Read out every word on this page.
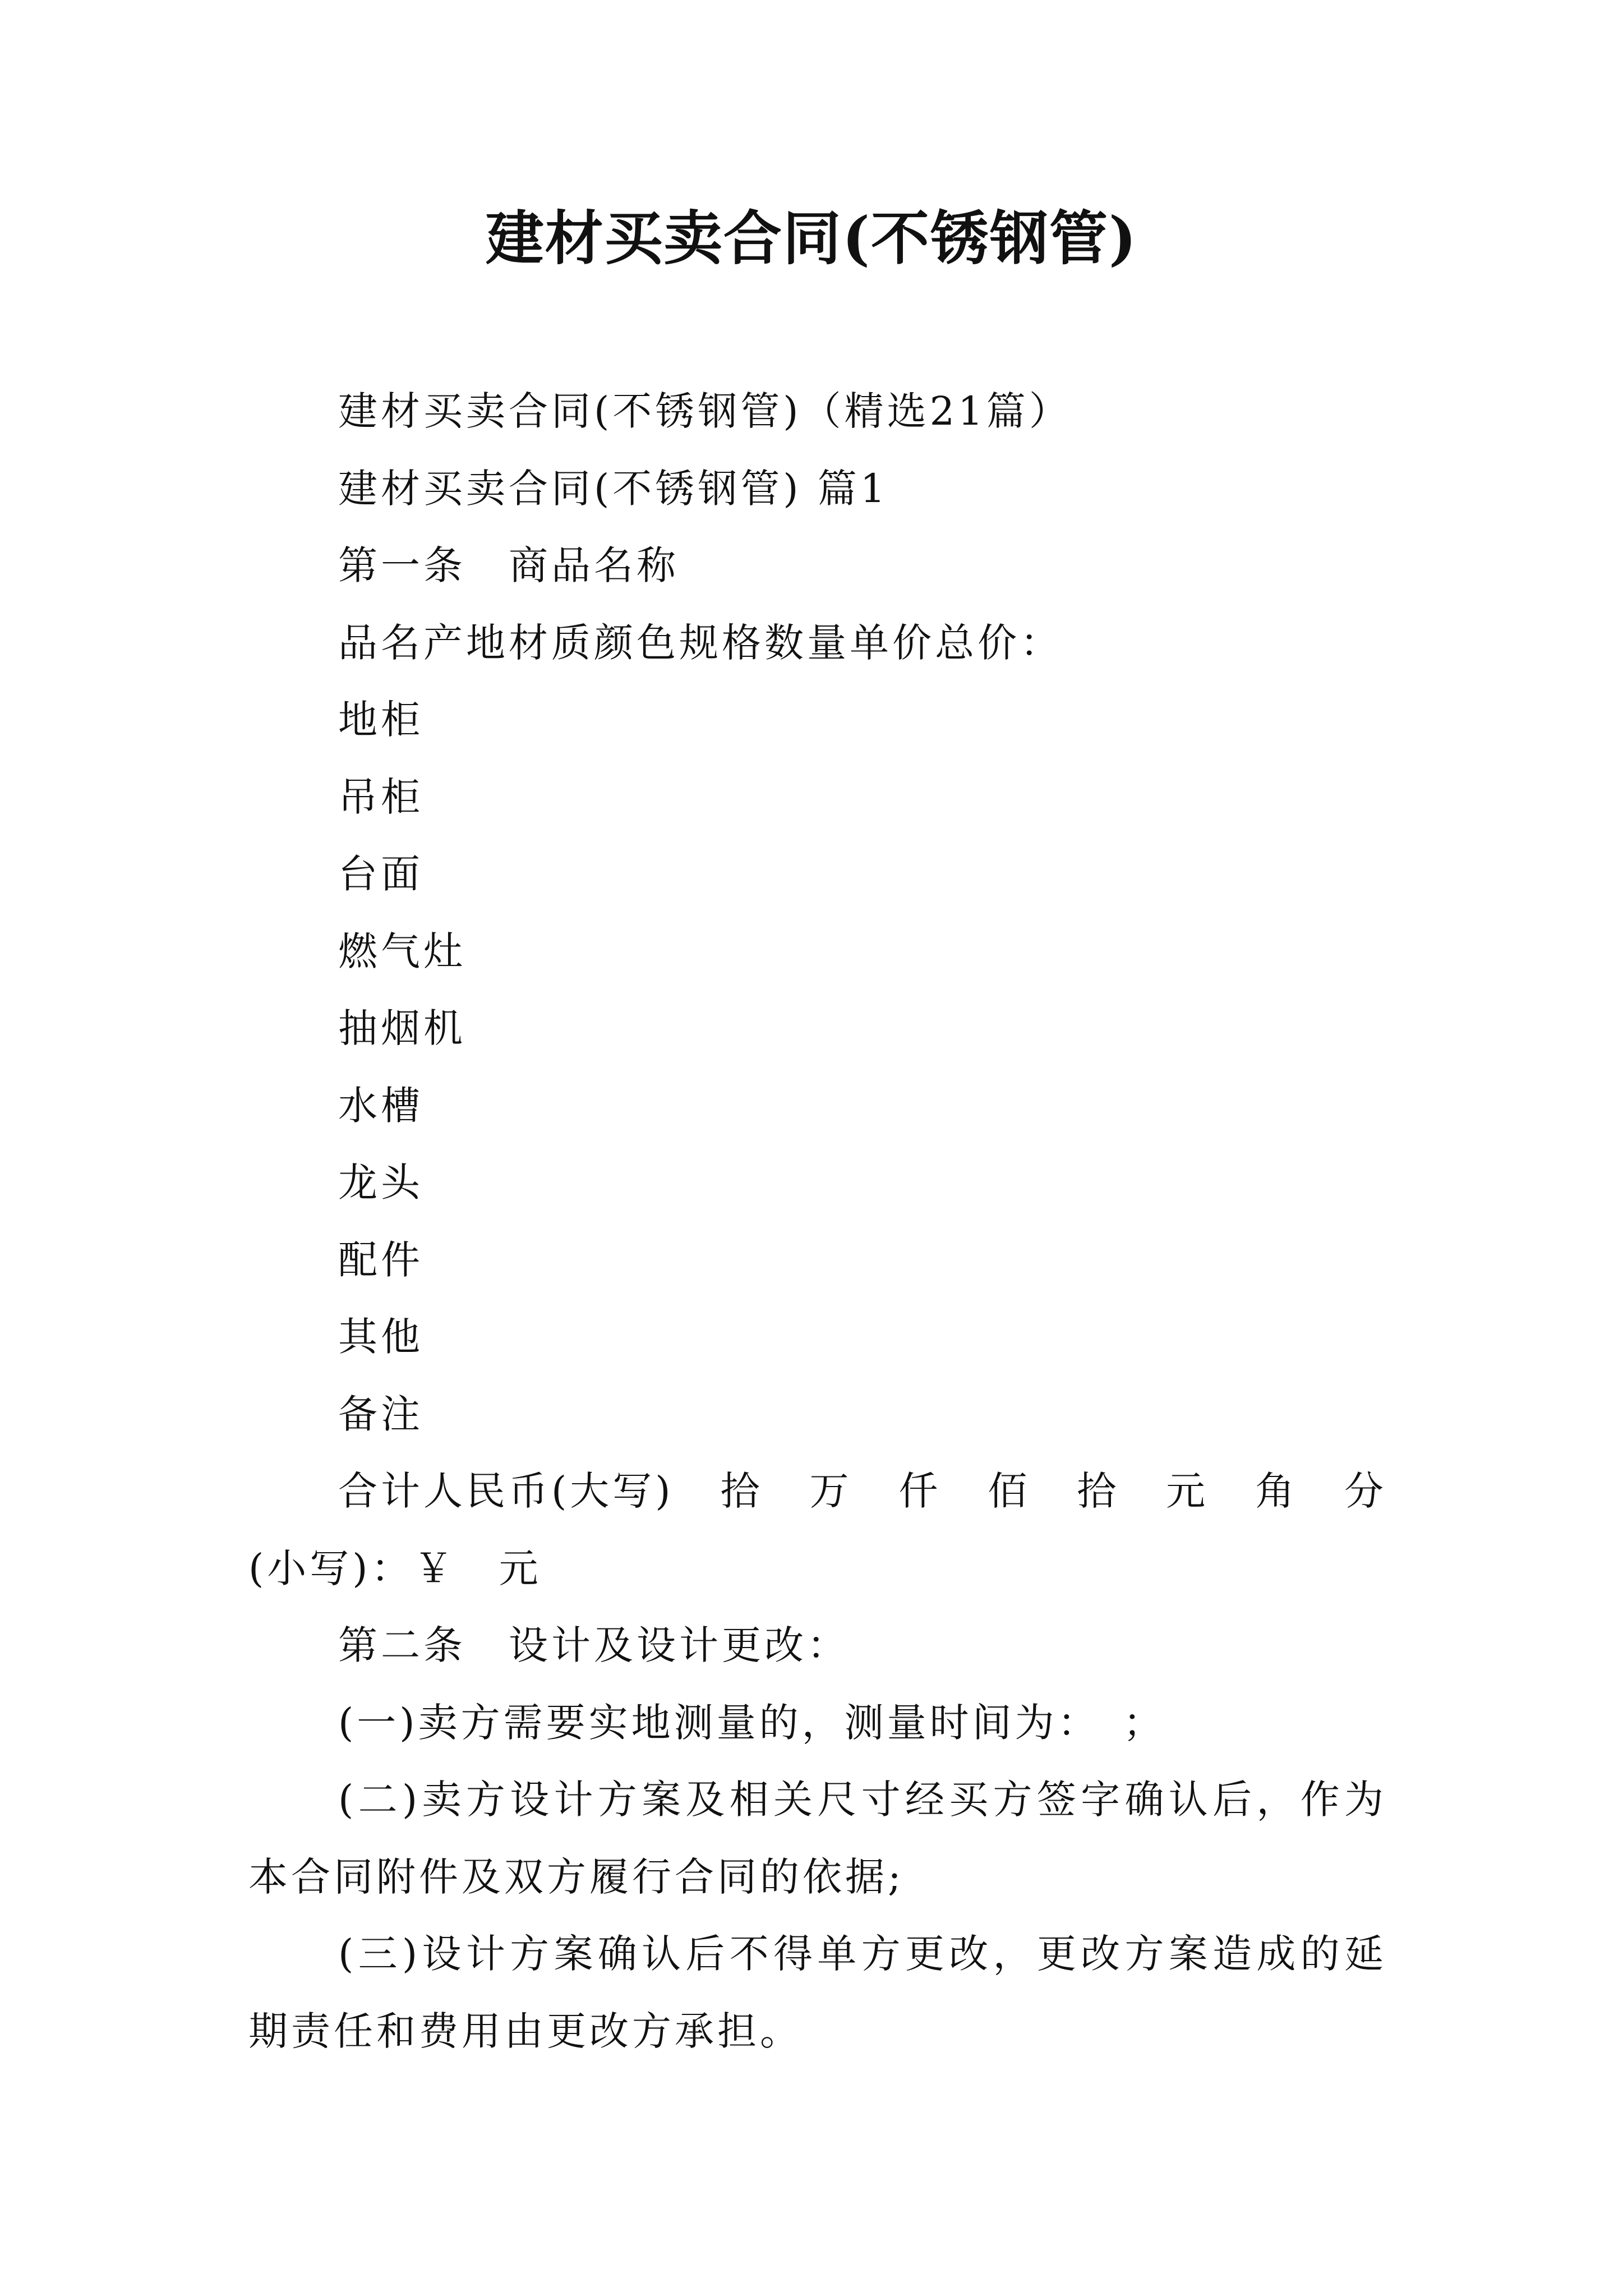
建材买卖合同(不锈钢管)

建材买卖合同(不锈钢管)（精选21篇）

建材买卖合同(不锈钢管) 篇1

第一条　商品名称

品名产地材质颜色规格数量单价总价：

地柜

吊柜

台面

燃气灶

抽烟机

水槽

龙头

配件

其他

备注

合计人民币(大写) 拾 万 仟 佰 拾 元 角 分

(小写)：￥　元

第二条　设计及设计更改：

(一)卖方需要实地测量的，测量时间为：　；

(二)卖方设计方案及相关尺寸经买方签字确认后，作为本合同附件及双方履行合同的依据;

(三)设计方案确认后不得单方更改，更改方案造成的延期责任和费用由更改方承担。
